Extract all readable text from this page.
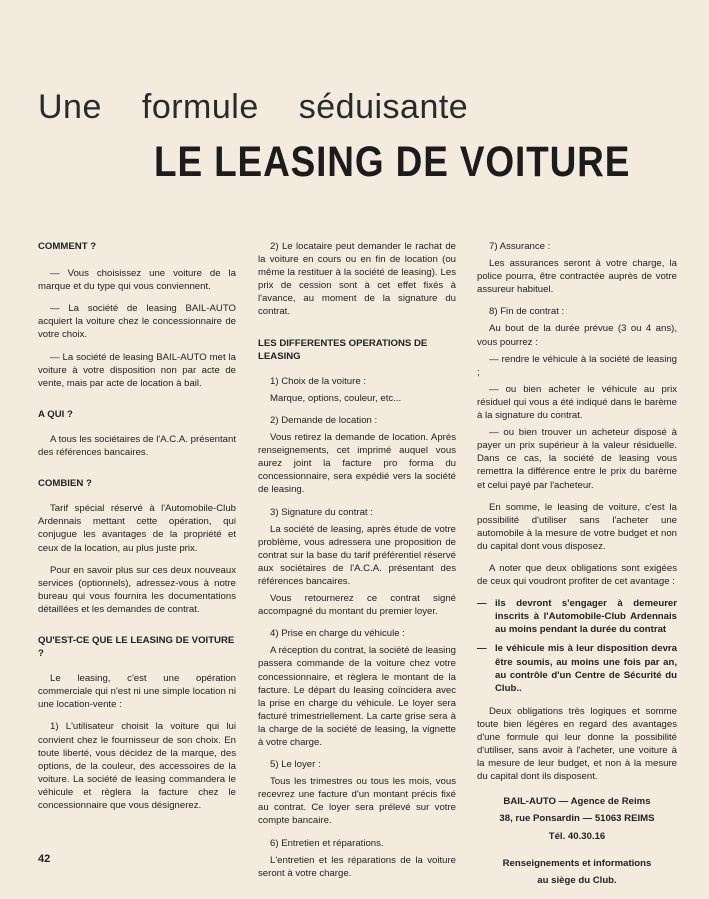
Une formule séduisante
LE LEASING DE VOITURE
COMMENT ?
— Vous choisissez une voiture de la marque et du type qui vous conviennent.
— La société de leasing BAIL-AUTO acquiert la voiture chez le concessionnaire de votre choix.
— La société de leasing BAIL-AUTO met la voiture à votre disposition non par acte de vente, mais par acte de location à bail.
A QUI ?
A tous les sociétaires de l'A.C.A. présentant des références bancaires.
COMBIEN ?
Tarif spécial réservé à l'Automobile-Club Ardennais mettant cette opération, qui conjugue les avantages de la propriété et ceux de la location, au plus juste prix.
Pour en savoir plus sur ces deux nouveaux services (optionnels), adressez-vous à notre bureau qui vous fournira les documentations détaillées et les demandes de contrat.
QU'EST-CE QUE LE LEASING DE VOITURE ?
Le leasing, c'est une opération commerciale qui n'est ni une simple location ni une location-vente :
1) L'utilisateur choisit la voiture qui lui convient chez le fournisseur de son choix. En toute liberté, vous décidez de la marque, des options, de la couleur, des accessoires de la voiture. La société de leasing commandera le véhicule et règlera la facture chez le concessionnaire que vous désignerez.
2) Le locataire peut demander le rachat de la voiture en cours ou en fin de location (ou même la restituer à la société de leasing). Les prix de cession sont à cet effet fixés à l'avance, au moment de la signature du contrat.
LES DIFFERENTES OPERATIONS DE LEASING
1) Choix de la voiture :
Marque, options, couleur, etc...
2) Demande de location :
Vous retirez la demande de location. Après renseignements, cet imprimé auquel vous aurez joint la facture pro forma du concessionnaire, sera expédié vers la société de leasing.
3) Signature du contrat :
La société de leasing, après étude de votre problème, vous adressera une proposition de contrat sur la base du tarif préférentiel réservé aux sociétaires de l'A.C.A. présentant des références bancaires.
Vous retournerez ce contrat signé accompagné du montant du premier loyer.
4) Prise en charge du véhicule :
A réception du contrat, la société de leasing passera commande de la voiture chez votre concessionnaire, et règlera le montant de la facture. Le départ du leasing coïncidera avec la prise en charge du véhicule. Le loyer sera facturé trimestriellement. La carte grise sera à la charge de la société de leasing, la vignette à votre charge.
5) Le loyer :
Tous les trimestres ou tous les mois, vous recevrez une facture d'un montant précis fixé au contrat. Ce loyer sera prélevé sur votre compte bancaire.
6) Entretien et réparations.
L'entretien et les réparations de la voiture seront à votre charge.
7) Assurance :
Les assurances seront à votre charge, la police pourra, être contractée auprès de votre assureur habituel.
8) Fin de contrat :
Au bout de la durée prévue (3 ou 4 ans), vous pourrez :
— rendre le véhicule à la société de leasing ;
— ou bien acheter le véhicule au prix résiduel qui vous a été indiqué dans le barème à la signature du contrat.
— ou bien trouver un acheteur disposé à payer un prix supérieur à la valeur résiduelle. Dans ce cas, la société de leasing vous remettra la différence entre le prix du barème et celui payé par l'acheteur.
En somme, le leasing de voiture, c'est la possibilité d'utiliser sans l'acheter une automobile à la mesure de votre budget et non du capital dont vous disposez.
A noter que deux obligations sont exigées de ceux qui voudront profiter de cet avantage :
— ils devront s'engager à demeurer inscrits à l'Automobile-Club Ardennais au moins pendant la durée du contrat
— le véhicule mis à leur disposition devra être soumis, au moins une fois par an, au contrôle d'un Centre de Sécurité du Club..
Deux obligations très logiques et somme toute bien légères en regard des avantages d'une formule qui leur donne la possibilité d'utiliser, sans avoir à l'acheter, une voiture à la mesure de leur budget, et non à la mesure du capital dont ils disposent.
BAIL-AUTO — Agence de Reims
38, rue Ponsardin — 51063 REIMS
Tél. 40.30.16
Renseignements et informations
au siège du Club.
42
